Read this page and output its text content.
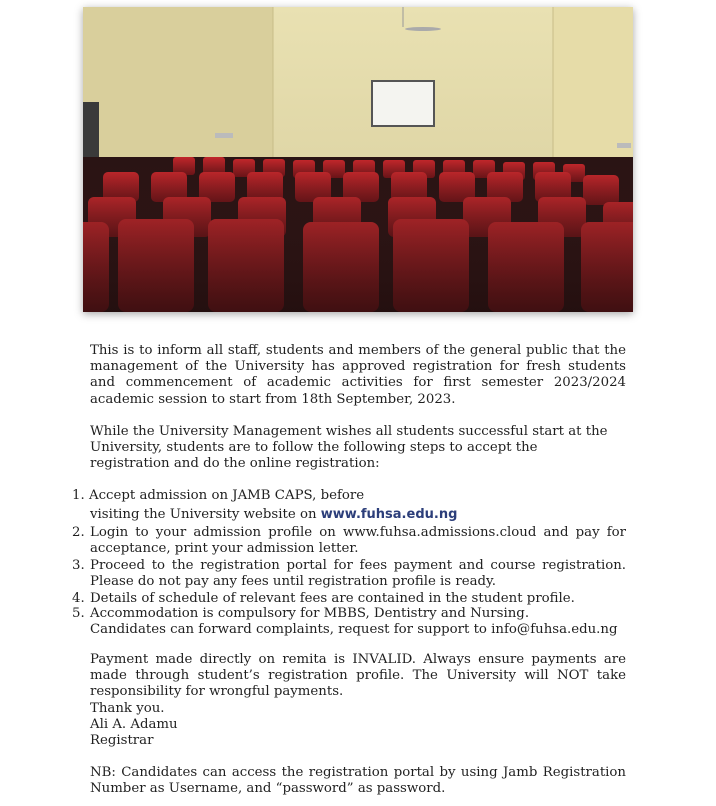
This is to inform all staff, students and members of the general public that the management of the University has approved registration for fresh students and commencement of academic activities for first semester 2023/2024 academic session to start from 18th September, 2023.

While the University Management wishes all students successful start at the
University, students are to follow the following steps to accept the
registration and do the online registration:
1. Accept admission on JAMB CAPS, before
visiting the University website on www.fuhsa.edu.ng
2. Login to your admission profile on www.fuhsa.admissions.cloud and pay for acceptance, print your admission letter.
3. Proceed to the registration portal for fees payment and course registration. Please do not pay any fees until registration profile is ready.
4. Details of schedule of relevant fees are contained in the student profile.
5. Accommodation is compulsory for MBBS, Dentistry and Nursing.
Candidates can forward complaints, request for support to info@fuhsa.edu.ng

Payment made directly on remita is INVALID. Always ensure payments are made through student’s registration profile. The University will NOT take responsibility for wrongful payments.

Thank you.
Ali A. Adamu
Registrar

NB: Candidates can access the registration portal by using Jamb Registration Number as Username, and “password” as password.
